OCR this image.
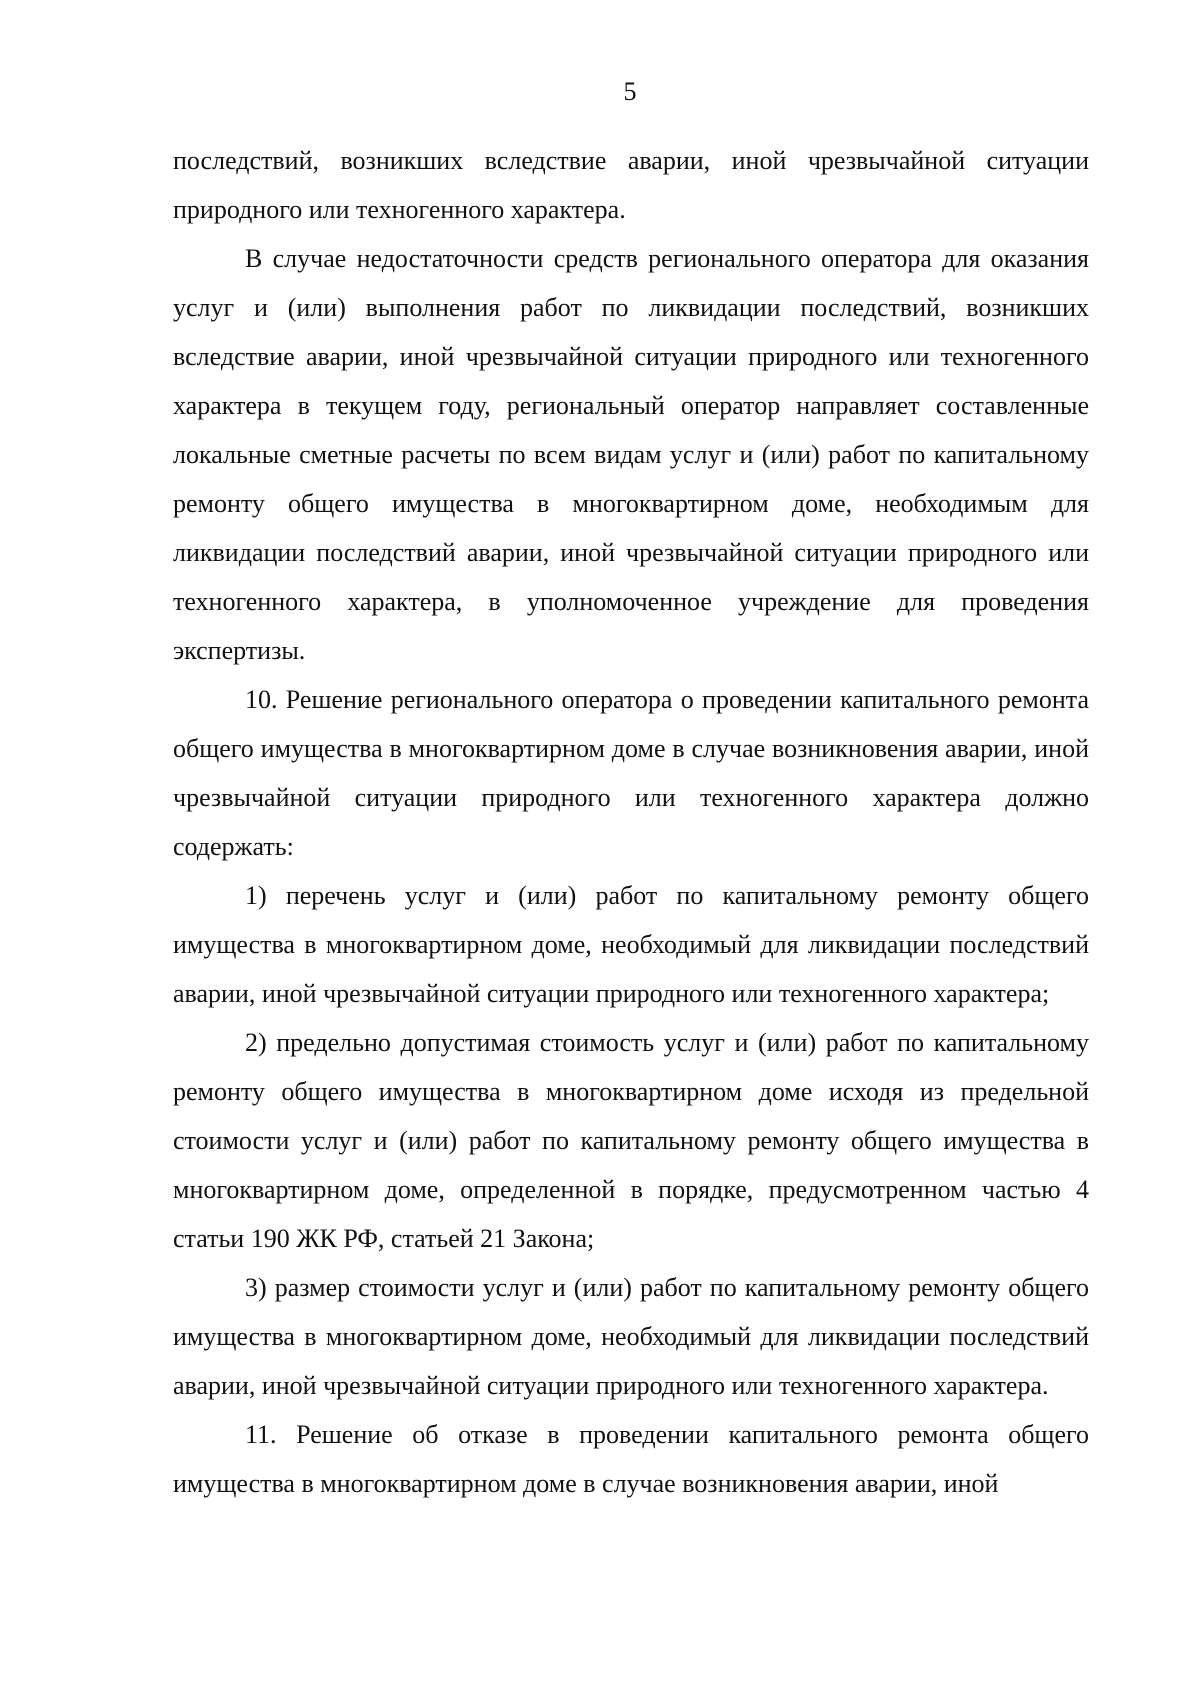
5

последствий, возникших вследствие аварии, иной чрезвычайной ситуации природного или техногенного характера.

В случае недостаточности средств регионального оператора для оказания услуг и (или) выполнения работ по ликвидации последствий, возникших вследствие аварии, иной чрезвычайной ситуации природного или техногенного характера в текущем году, региональный оператор направляет составленные локальные сметные расчеты по всем видам услуг и (или) работ по капитальному ремонту общего имущества в многоквартирном доме, необходимым для ликвидации последствий аварии, иной чрезвычайной ситуации природного или техногенного характера, в уполномоченное учреждение для проведения экспертизы.

10. Решение регионального оператора о проведении капитального ремонта общего имущества в многоквартирном доме в случае возникновения аварии, иной чрезвычайной ситуации природного или техногенного характера должно содержать:

1) перечень услуг и (или) работ по капитальному ремонту общего имущества в многоквартирном доме, необходимый для ликвидации последствий аварии, иной чрезвычайной ситуации природного или техногенного характера;

2) предельно допустимая стоимость услуг и (или) работ по капитальному ремонту общего имущества в многоквартирном доме исходя из предельной стоимости услуг и (или) работ по капитальному ремонту общего имущества в многоквартирном доме, определенной в порядке, предусмотренном частью 4 статьи 190 ЖК РФ, статьей 21 Закона;

3) размер стоимости услуг и (или) работ по капитальному ремонту общего имущества в многоквартирном доме, необходимый для ликвидации последствий аварии, иной чрезвычайной ситуации природного или техногенного характера.

11. Решение об отказе в проведении капитального ремонта общего имущества в многоквартирном доме в случае возникновения аварии, иной
